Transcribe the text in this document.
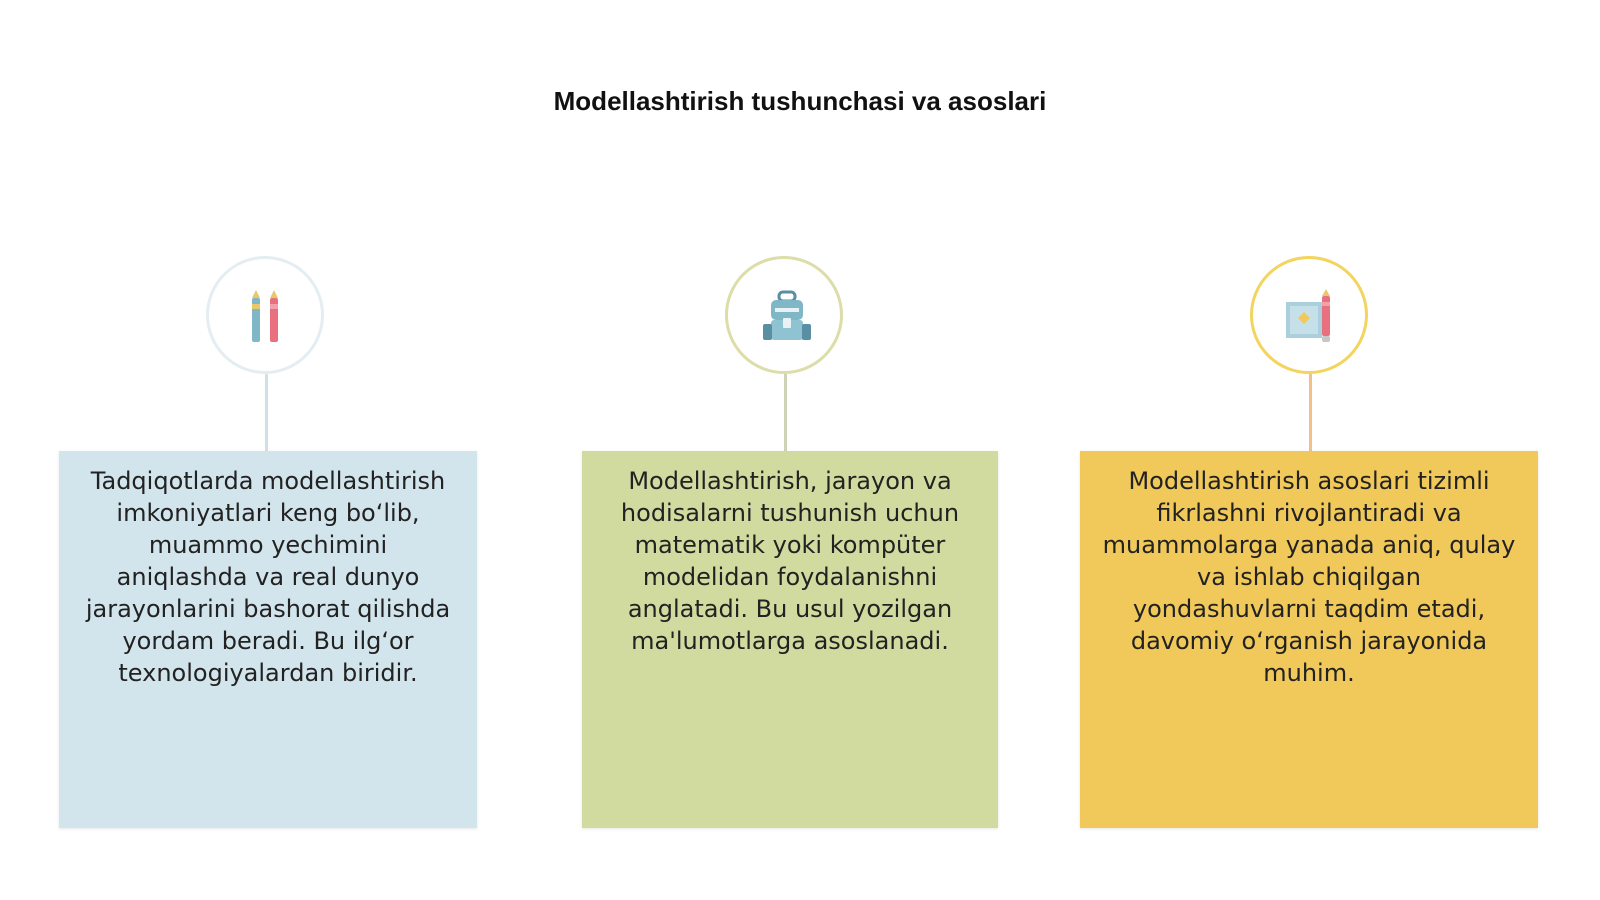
Modellashtirish tushunchasi va asoslari

Tadqiqotlarda modellashtirish imkoniyatlari keng bo‘lib, muammo yechimini aniqlashda va real dunyo jarayonlarini bashorat qilishda yordam beradi. Bu ilg‘or texnologiyalardan biridir.

Modellashtirish, jarayon va hodisalarni tushunish uchun matematik yoki kompüter modelidan foydalanishni anglatadi. Bu usul yozilgan ma'lumotlarga asoslanadi.

Modellashtirish asoslari tizimli fikrlashni rivojlantiradi va muammolarga yanada aniq, qulay va ishlab chiqilgan yondashuvlarni taqdim etadi, davomiy o‘rganish jarayonida muhim.
